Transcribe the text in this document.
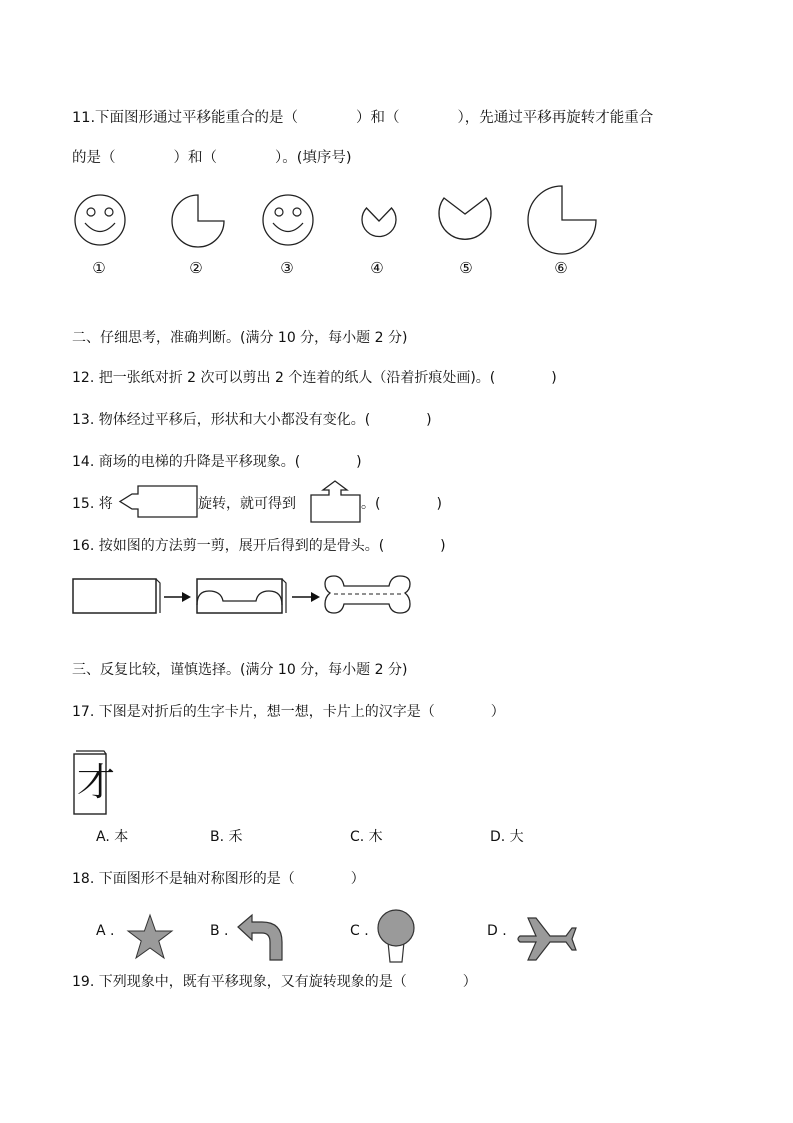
11.下面图形通过平移能重合的是（　　　　）和（　　　　），先通过平移再旋转才能重合
的是（　　　　）和（　　　　）。(填序号)
①	②	③	④	⑤	⑥
二、仔细思考，准确判断。(满分 10 分，每小题 2 分)
12. 把一张纸对折 2 次可以剪出 2 个连着的纸人（沿着折痕处画)。(　　　　)
13. 物体经过平移后，形状和大小都没有变化。(　　　　)
14. 商场的电梯的升降是平移现象。(　　　　)
15. 将	旋转，就可得到	。(　　　　)
16. 按如图的方法剪一剪，展开后得到的是骨头。(　　　　)
三、反复比较，谨慎选择。(满分 10 分，每小题 2 分)
17. 下图是对折后的生字卡片，想一想，卡片上的汉字是（　　　　）
才
A. 本	B. 禾	C. 木	D. 大
18. 下面图形不是轴对称图形的是（　　　　）
A .	B .	C .	D .
19. 下列现象中，既有平移现象，又有旋转现象的是（　　　　）
